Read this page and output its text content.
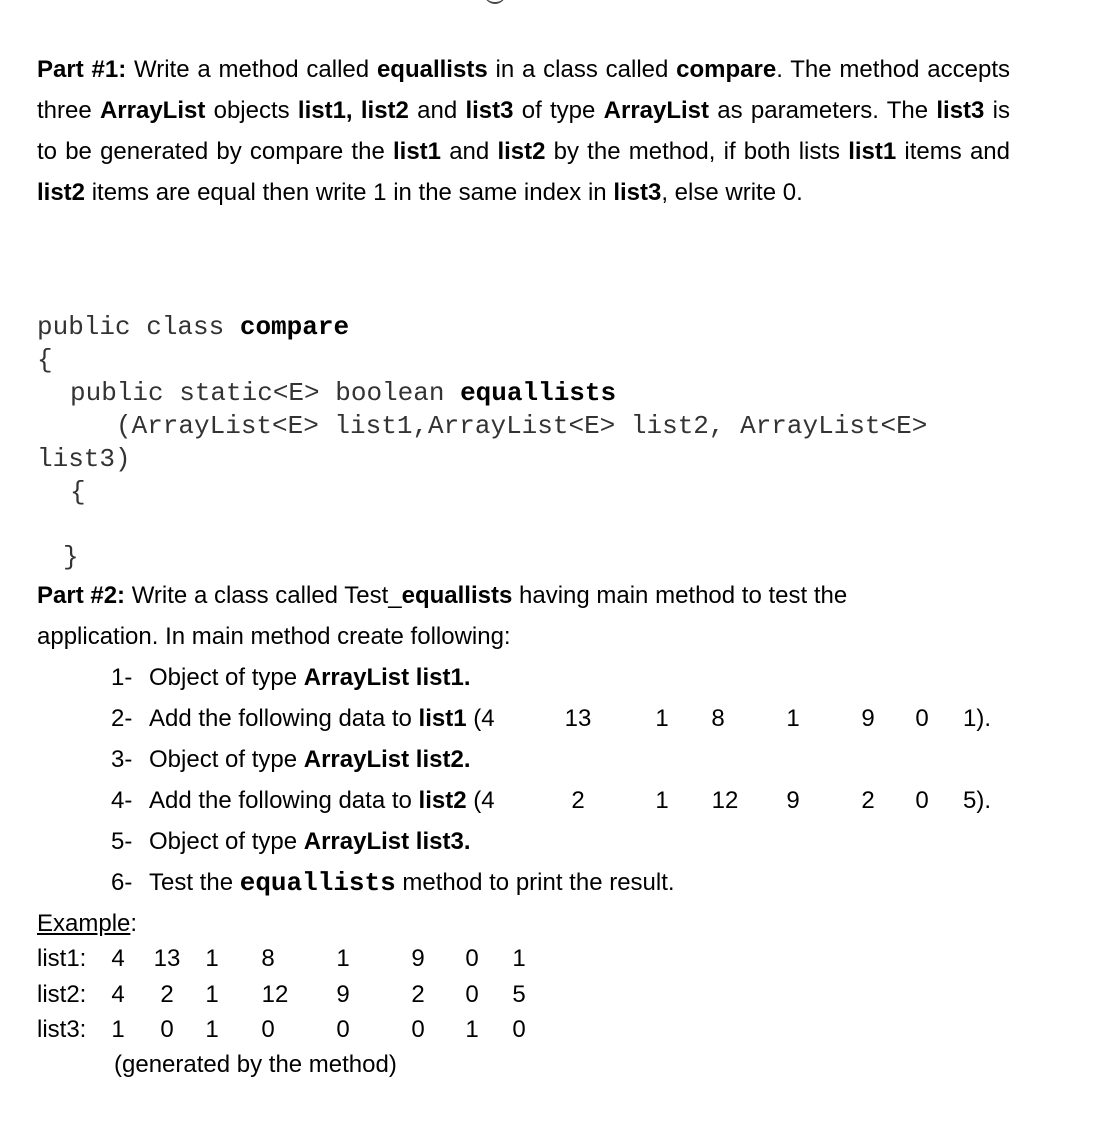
Part #1: Write a method called equallists in a class called compare. The method accepts three ArrayList objects list1, list2 and list3 of type ArrayList as parameters. The list3 is to be generated by compare the list1 and list2 by the method, if both lists list1 items and list2 items are equal then write 1 in the same index in list3, else write 0.

public class compare

{

public static<E> boolean equallists

(ArrayList<E> list1,ArrayList<E> list2, ArrayList<E>

list3)

{

}

Part #2: Write a class called Test_equallists having main method to test the

application. In main method create following:

1- Object of type ArrayList list1.
2- Add the following data to list1 (4	13	1 8	1	9 0 1).
3- Object of type ArrayList list2.
4- Add the following data to list2 (4	2	1 12 9	2 0 5).
5- Object of type ArrayList list3.
6- Test the equallists method to print the result.
Example:
list1: 4 13 1 8	1	9 0 1
list2: 4 2 1 12 9	2 0 5
list3: 1 0 1 0	0	0 1 0
(generated by the method)
